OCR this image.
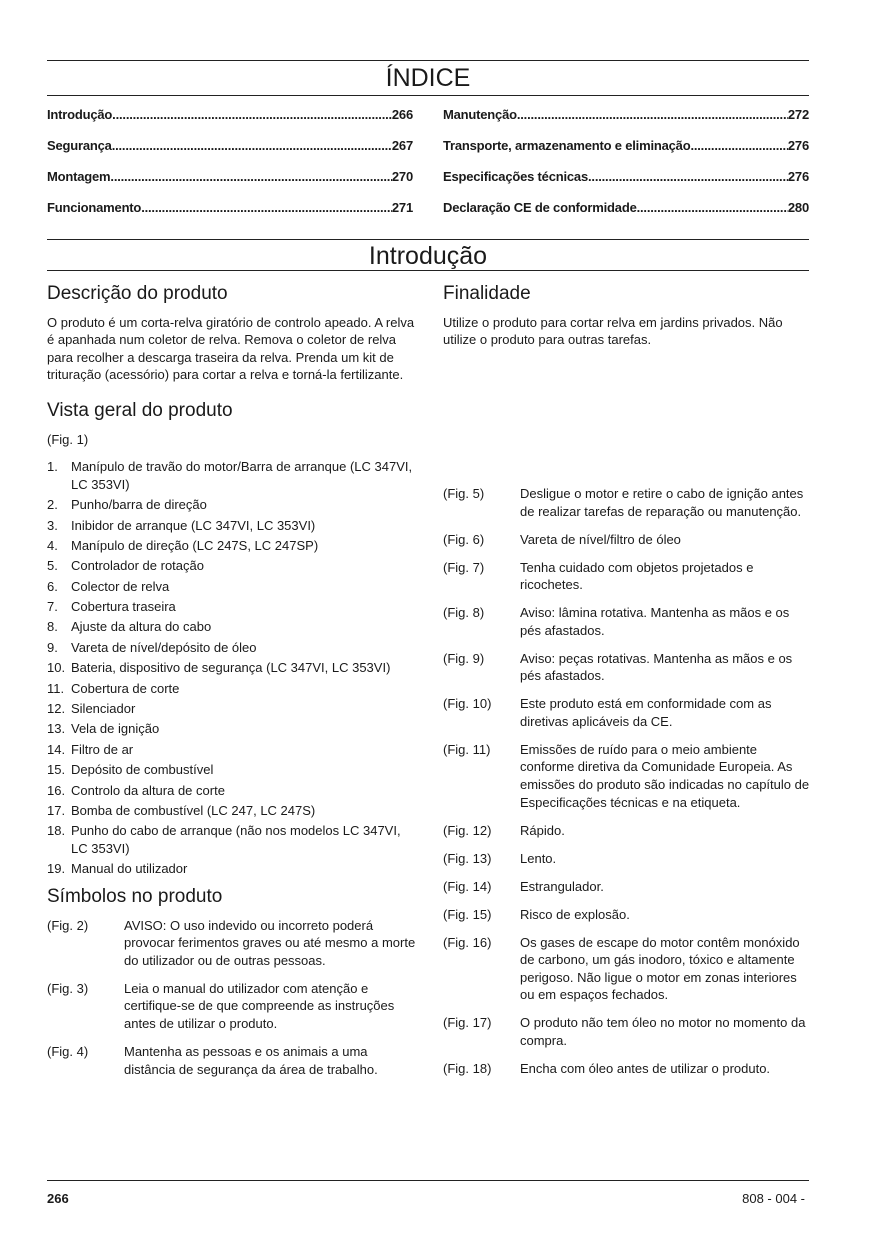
ÍNDICE
Introdução .....	266
Segurança .....	267
Montagem .....	270
Funcionamento .....	271
Manutenção .....	272
Transporte, armazenamento e eliminação .....	276
Especificações técnicas .....	276
Declaração CE de conformidade .....	280
Introdução
Descrição do produto

O produto é um corta-relva giratório de controlo apeado. A relva é apanhada num coletor de relva. Remova o coletor de relva para recolher a descarga traseira da relva. Prenda um kit de trituração (acessório) para cortar a relva e torná-la fertilizante.

Vista geral do produto

(Fig. 1)

1.	Manípulo de travão do motor/Barra de arranque (LC 347VI, LC 353VI)
2.	Punho/barra de direção
3.	Inibidor de arranque (LC 347VI, LC 353VI)
4.	Manípulo de direção (LC 247S, LC 247SP)
5.	Controlador de rotação
6.	Colector de relva
7.	Cobertura traseira
8.	Ajuste da altura do cabo
9.	Vareta de nível/depósito de óleo
10. Bateria, dispositivo de segurança (LC 347VI, LC 353VI)
11. Cobertura de corte
12. Silenciador
13. Vela de ignição
14. Filtro de ar
15. Depósito de combustível
16. Controlo da altura de corte
17. Bomba de combustível (LC 247, LC 247S)
18. Punho do cabo de arranque (não nos modelos LC 347VI, LC 353VI)
19. Manual do utilizador
Símbolos no produto
(Fig. 2)	AVISO: O uso indevido ou incorreto poderá provocar ferimentos graves ou até mesmo a morte do utilizador ou de outras pessoas.
(Fig. 3)	Leia o manual do utilizador com atenção e certifique-se de que compreende as instruções antes de utilizar o produto.
(Fig. 4)	Mantenha as pessoas e os animais a uma distância de segurança da área de trabalho.
Finalidade

Utilize o produto para cortar relva em jardins privados. Não utilize o produto para outras tarefas.

(Fig. 5)	Desligue o motor e retire o cabo de ignição antes de realizar tarefas de reparação ou manutenção.
(Fig. 6)	Vareta de nível/filtro de óleo
(Fig. 7)	Tenha cuidado com objetos projetados e ricochetes.
(Fig. 8)	Aviso: lâmina rotativa. Mantenha as mãos e os pés afastados.
(Fig. 9)	Aviso: peças rotativas. Mantenha as mãos e os pés afastados.
(Fig. 10)	Este produto está em conformidade com as diretivas aplicáveis da CE.
(Fig. 11)	Emissões de ruído para o meio ambiente conforme diretiva da Comunidade Europeia. As emissões do produto são indicadas no capítulo de Especificações técnicas e na etiqueta.
(Fig. 12)	Rápido.
(Fig. 13)	Lento.
(Fig. 14)	Estrangulador.
(Fig. 15)	Risco de explosão.
(Fig. 16)	Os gases de escape do motor contêm monóxido de carbono, um gás inodoro, tóxico e altamente perigoso. Não ligue o motor em zonas interiores ou em espaços fechados.
(Fig. 17)	O produto não tem óleo no motor no momento da compra.
(Fig. 18)	Encha com óleo antes de utilizar o produto.
266	808 - 004 -
